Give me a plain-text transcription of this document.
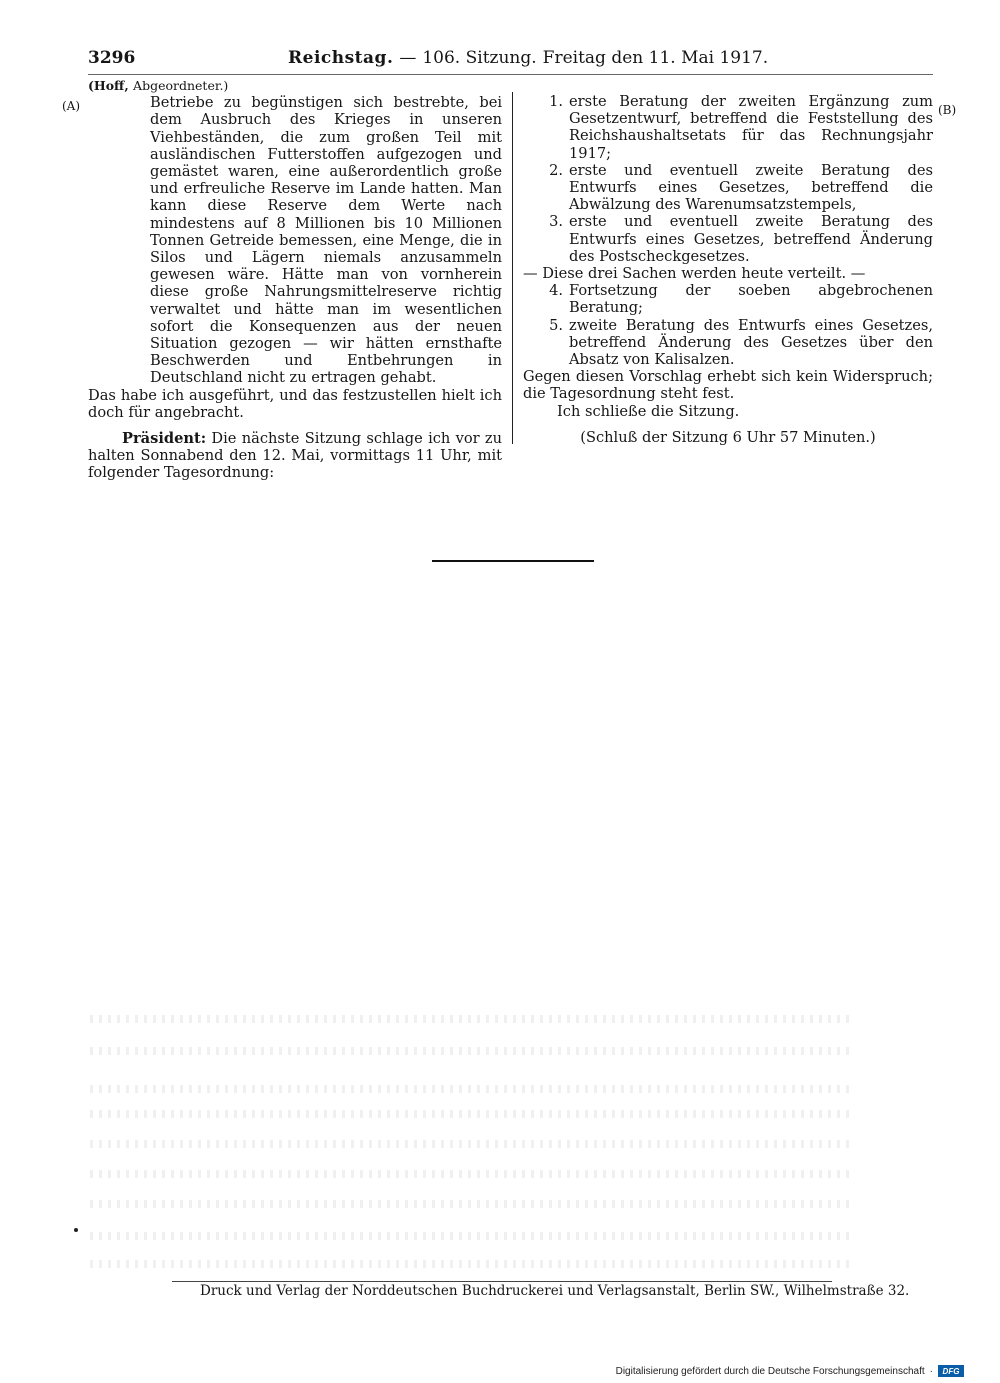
3296	Reichstag. — 106. Sitzung. Freitag den 11. Mai 1917.
(A)	(B)

(Hoff, Abgeordneter.)

Betriebe zu begünstigen sich bestrebte, bei dem Ausbruch des Krieges in unseren Viehbeständen, die zum großen Teil mit ausländischen Futterstoffen aufgezogen und gemästet waren, eine außerordentlich große und erfreuliche Reserve im Lande hatten. Man kann diese Reserve dem Werte nach mindestens auf 8 Millionen bis 10 Millionen Tonnen Getreide bemessen, eine Menge, die in Silos und Lägern niemals anzusammeln gewesen wäre. Hätte man von vornherein diese große Nahrungsmittelreserve richtig verwaltet und hätte man im wesentlichen sofort die Konsequenzen aus der neuen Situation gezogen — wir hätten ernsthafte Beschwerden und Entbehrungen in Deutschland nicht zu ertragen gehabt.

Das habe ich ausgeführt, und das festzustellen hielt ich doch für angebracht.

Präsident: Die nächste Sitzung schlage ich vor zu halten Sonnabend den 12. Mai, vormittags 11 Uhr, mit folgender Tagesordnung:

1. erste Beratung der zweiten Ergänzung zum Gesetzentwurf, betreffend die Feststellung des Reichshaushaltsetats für das Rechnungsjahr 1917;
2. erste und eventuell zweite Beratung des Entwurfs eines Gesetzes, betreffend die Abwälzung des Warenumsatzstempels,
3. erste und eventuell zweite Beratung des Entwurfs eines Gesetzes, betreffend Änderung des Postscheckgesetzes.

— Diese drei Sachen werden heute verteilt. —

4. Fortsetzung der soeben abgebrochenen Beratung;
5. zweite Beratung des Entwurfs eines Gesetzes, betreffend Änderung des Gesetzes über den Absatz von Kalisalzen.

Gegen diesen Vorschlag erhebt sich kein Widerspruch; die Tagesordnung steht fest.

Ich schließe die Sitzung.

(Schluß der Sitzung 6 Uhr 57 Minuten.)

Druck und Verlag der Norddeutschen Buchdruckerei und Verlagsanstalt, Berlin SW., Wilhelmstraße 32.
Digitalisierung gefördert durch die Deutsche Forschungsgemeinschaft ·	DFG
